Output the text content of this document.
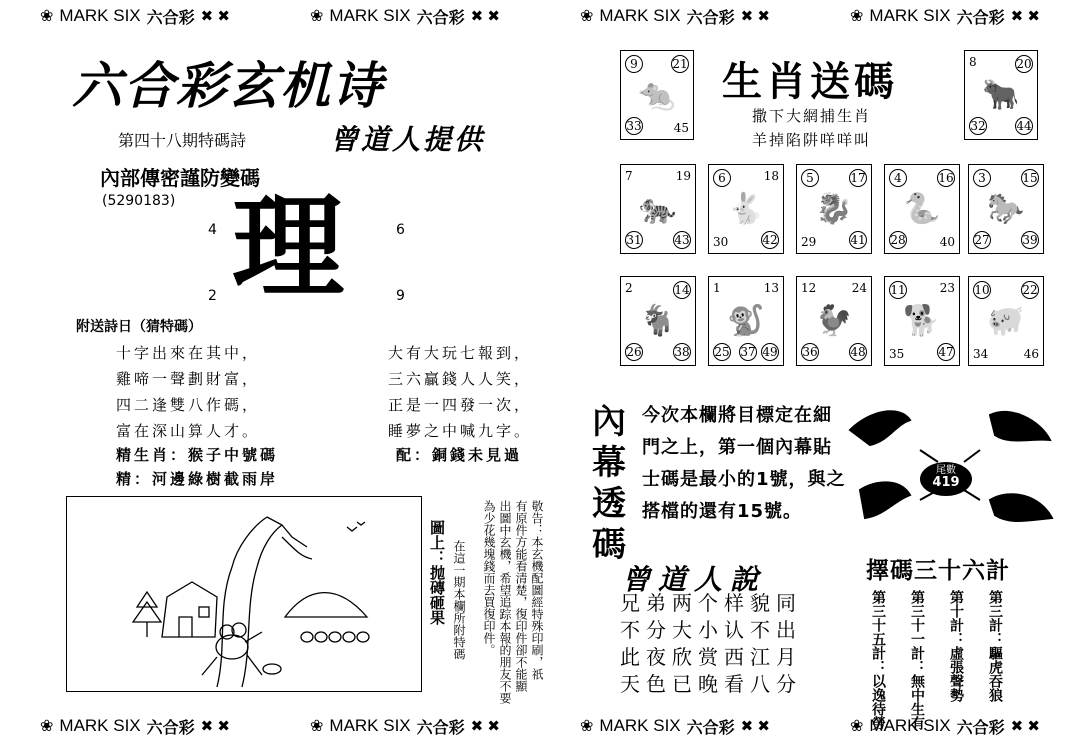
❀ MARK SIX 六合彩 ✖ ✖	❀ MARK SIX 六合彩 ✖ ✖	❀ MARK SIX 六合彩 ✖ ✖	❀ MARK SIX 六合彩 ✖ ✖
❀ MARK SIX 六合彩 ✖ ✖	❀ MARK SIX 六合彩 ✖ ✖	❀ MARK SIX 六合彩 ✖ ✖	❀ MARK SIX 六合彩 ✖ ✖
六合彩玄机诗
第四十八期特碼詩	曾道人提供
內部傳密謹防變碼
(5290183) 理
4	6
2	9
附送詩日（猜特碼）
十字出來在其中，
雞啼一聲劃財富，
四二逢雙八作碼，
富在深山算人才。
大有大玩七報到，
三六贏錢人人笑，
正是一四發一次，
睡夢之中喊九字。
精生肖：猴子中號碼
精：河邊綠樹截雨岸
配：銅錢未見過
圖上：抛磚砸果 在這一期本欄所附特碼	敬告：本玄機配圖經特殊印刷，祇
有原件方能看清楚，復印件卻不能顯
出圖中玄機，希望追踪本報的朋友不要
為少花幾塊錢而去買復印件。
生肖送碼
撒下大網捕生肖
羊掉陷阱咩咩叫
9	21
33	45
🐀
8	20
32	44
🐂
7	19
31	43
🐅
6	18
30	42
🐇
5	17
29	41
🐉
4	16
28	40
🐍
3	15
27	39
🐎
2	14
26	38
🐐
1	13
25 37 49
🐒
12	24
36	48
🐓
11	23
35	47
🐕
10	22
34	46
🐖
內幕透碼
今次本欄將目標定在細門之上，第一個內幕貼士碼是最小的1號，與之搭檔的還有15號。
尾數
419
曾道人說
兄弟两个样貌同
不分大小认不出
此夜欣赏西江月
天色已晚看八分
擇碼三十六計
第三計：驅虎吞狼
第十計：虛張聲勢
第三十一計：無中生有
第三十五計：以逸待勞
